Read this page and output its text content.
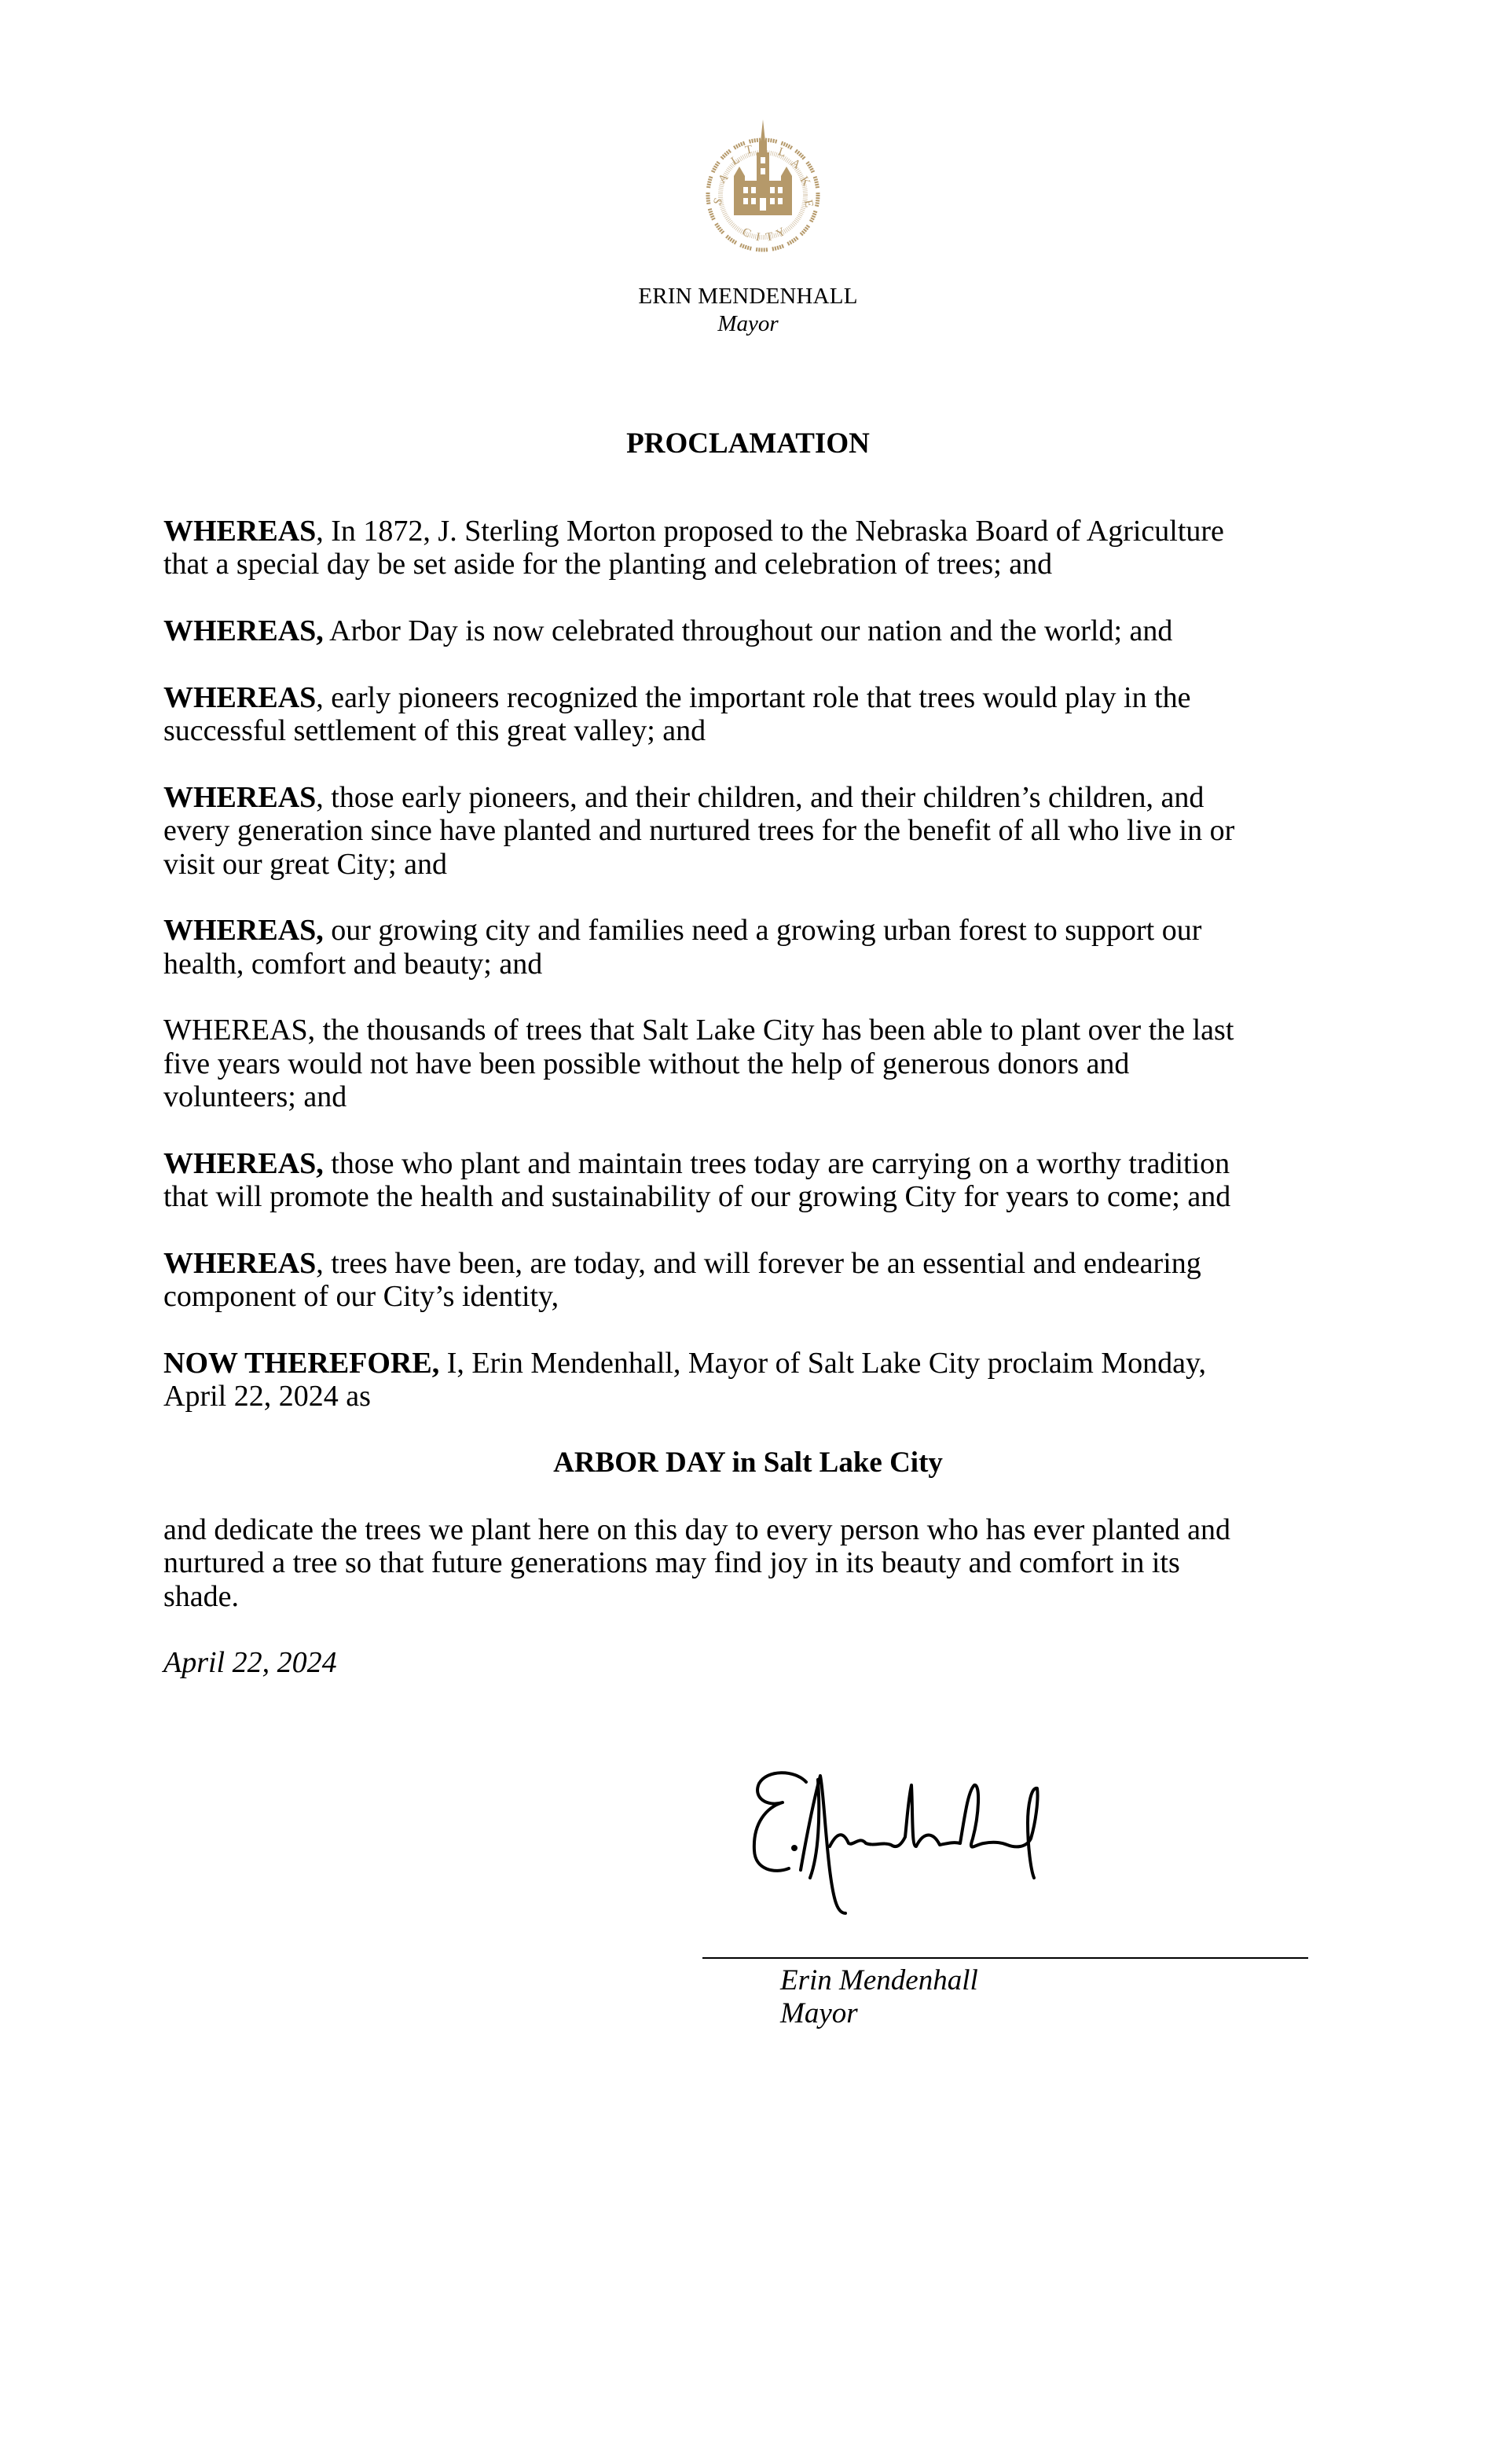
S
A
L
T L
A
K
E
C I T Y
ERIN MENDENHALL
Mayor
PROCLAMATION

WHEREAS, In 1872, J. Sterling Morton proposed to the Nebraska Board of Agriculture
that a special day be set aside for the planting and celebration of trees; and

WHEREAS, Arbor Day is now celebrated throughout our nation and the world; and

WHEREAS, early pioneers recognized the important role that trees would play in the
successful settlement of this great valley; and

WHEREAS, those early pioneers, and their children, and their children’s children, and
every generation since have planted and nurtured trees for the benefit of all who live in or
visit our great City; and

WHEREAS, our growing city and families need a growing urban forest to support our
health, comfort and beauty; and

WHEREAS, the thousands of trees that Salt Lake City has been able to plant over the last
five years would not have been possible without the help of generous donors and
volunteers; and

WHEREAS, those who plant and maintain trees today are carrying on a worthy tradition
that will promote the health and sustainability of our growing City for years to come; and

WHEREAS, trees have been, are today, and will forever be an essential and endearing
component of our City’s identity,

NOW THEREFORE, I, Erin Mendenhall, Mayor of Salt Lake City proclaim Monday,
April 22, 2024 as

ARBOR DAY in Salt Lake City

and dedicate the trees we plant here on this day to every person who has ever planted and
nurtured a tree so that future generations may find joy in its beauty and comfort in its
shade.

April 22, 2024

Erin Mendenhall
Mayor
